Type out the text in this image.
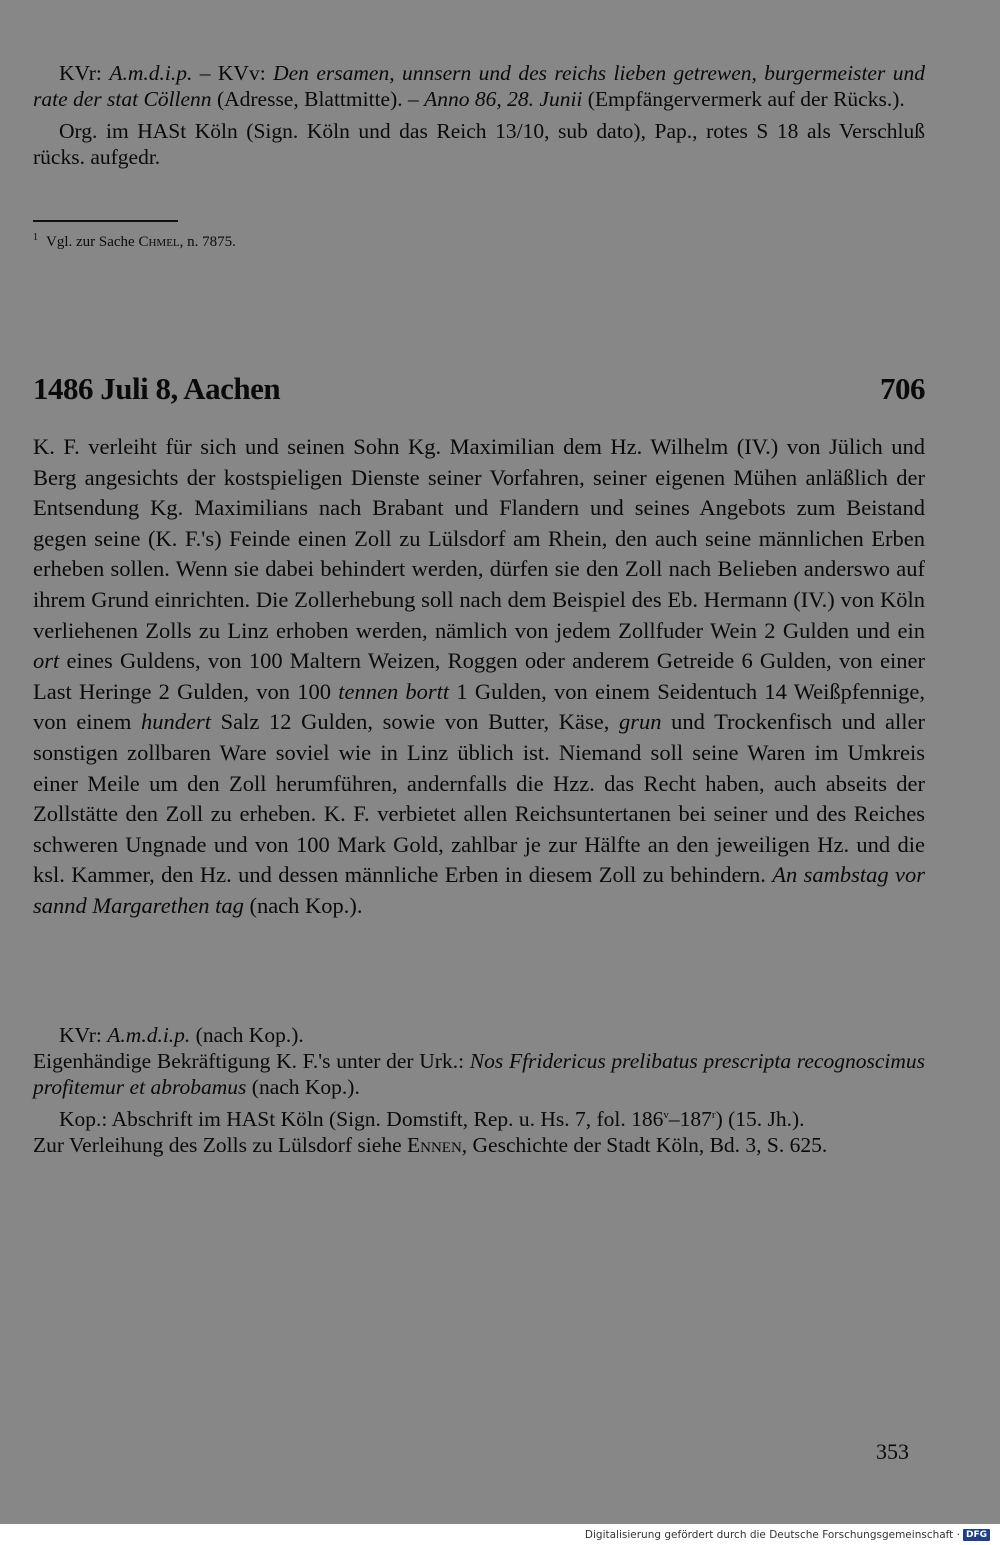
KVr: A.m.d.i.p. – KVv: Den ersamen, unnsern und des reichs lieben getrewen, burgermeister und rate der stat Cöllenn (Adresse, Blattmitte). – Anno 86, 28. Junii (Empfängervermerk auf der Rücks.).

Org. im HASt Köln (Sign. Köln und das Reich 13/10, sub dato), Pap., rotes S 18 als Verschluß rücks. aufgedr.

$^1$ Vgl. zur Sache Chmel, n. 7875.
1486 Juli 8, Aachen	706

K. F. verleiht für sich und seinen Sohn Kg. Maximilian dem Hz. Wilhelm (IV.) von Jülich und Berg angesichts der kostspieligen Dienste seiner Vorfahren, seiner eigenen Mühen anläßlich der Entsendung Kg. Maximilians nach Brabant und Flandern und seines Angebots zum Beistand gegen seine (K. F.'s) Feinde einen Zoll zu Lülsdorf am Rhein, den auch seine männlichen Erben erheben sollen. Wenn sie dabei behindert werden, dürfen sie den Zoll nach Belieben anderswo auf ihrem Grund einrichten. Die Zollerhebung soll nach dem Beispiel des Eb. Hermann (IV.) von Köln verliehenen Zolls zu Linz erhoben werden, nämlich von jedem Zollfuder Wein 2 Gulden und ein ort eines Guldens, von 100 Maltern Weizen, Roggen oder anderem Getreide 6 Gulden, von einer Last Heringe 2 Gulden, von 100 tennen bortt 1 Gulden, von einem Seidentuch 14 Weißpfennige, von einem hundert Salz 12 Gulden, sowie von Butter, Käse, grun und Trockenfisch und aller sonstigen zollbaren Ware soviel wie in Linz üblich ist. Niemand soll seine Waren im Umkreis einer Meile um den Zoll herumführen, andernfalls die Hzz. das Recht haben, auch abseits der Zollstätte den Zoll zu erheben. K. F. verbietet allen Reichsuntertanen bei seiner und des Reiches schweren Ungnade und von 100 Mark Gold, zahlbar je zur Hälfte an den jeweiligen Hz. und die ksl. Kammer, den Hz. und dessen männliche Erben in diesem Zoll zu behindern. An sambstag vor sannd Margarethen tag (nach Kop.).

KVr: A.m.d.i.p. (nach Kop.).

Eigenhändige Bekräftigung K. F.'s unter der Urk.: Nos Ffridericus prelibatus prescripta recognoscimus profitemur et abrobamus (nach Kop.).

Kop.: Abschrift im HASt Köln (Sign. Domstift, Rep. u. Hs. 7, fol. 186$^v$–187$^r$) (15. Jh.).

Zur Verleihung des Zolls zu Lülsdorf siehe Ennen, Geschichte der Stadt Köln, Bd. 3, S. 625.

353
Digitalisierung gefördert durch die Deutsche Forschungsgemeinschaft · DFG
